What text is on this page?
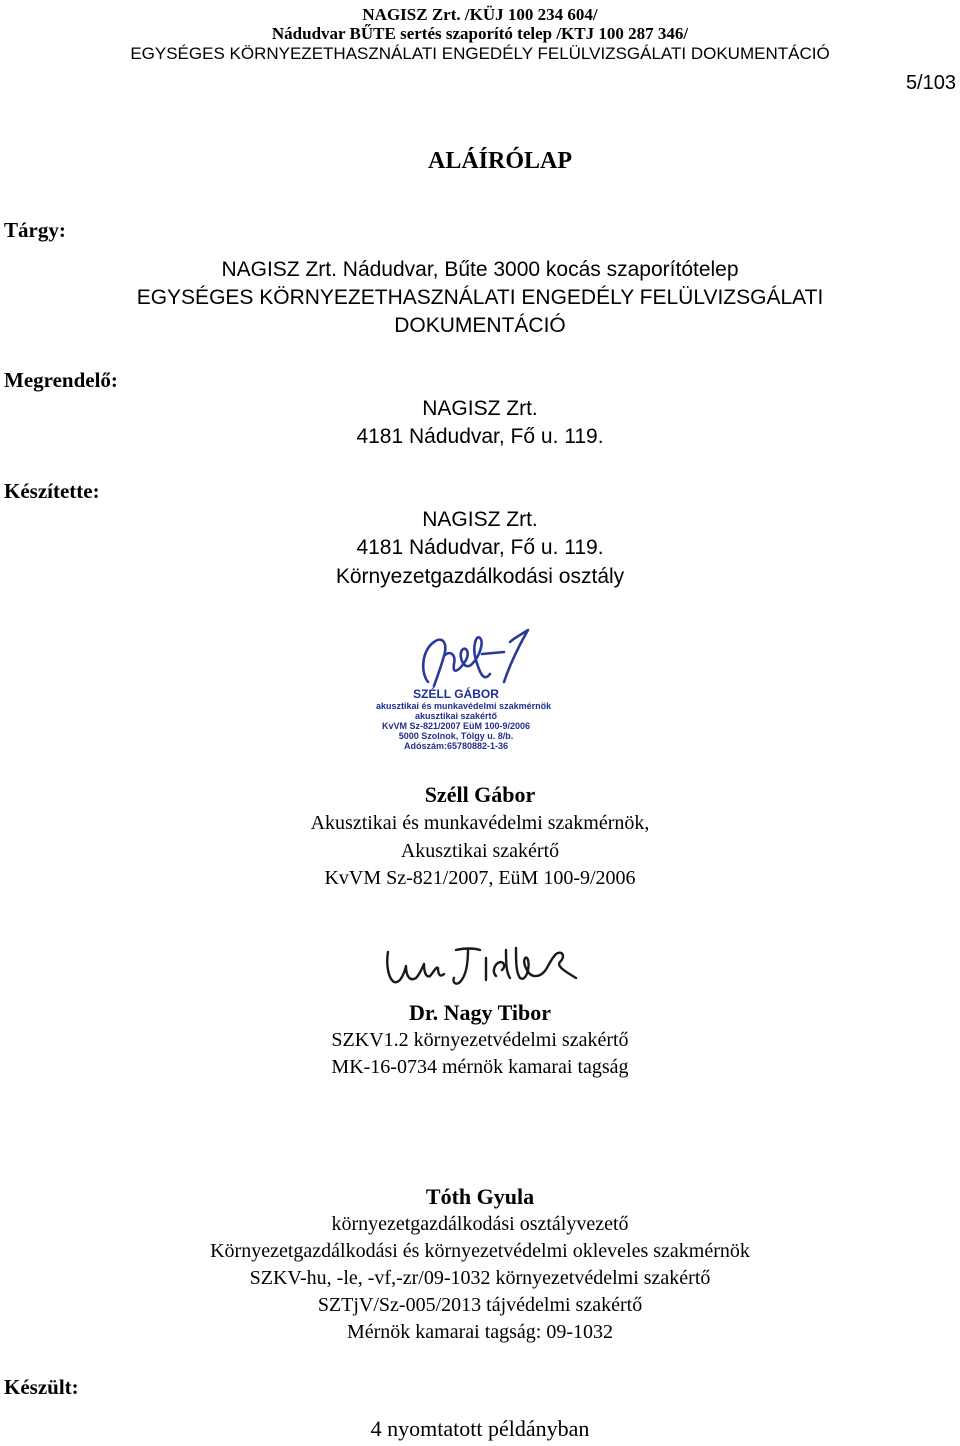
NAGISZ Zrt. /KÜJ 100 234 604/
Nádudvar BŰTE sertés szaporító telep /KTJ 100 287 346/
EGYSÉGES KÖRNYEZETHASZNÁLATI ENGEDÉLY FELÜLVIZSGÁLATI DOKUMENTÁCIÓ
5/103
ALÁÍRÓLAP
Tárgy:
NAGISZ Zrt. Nádudvar, Bűte 3000 kocás szaporítótelep
EGYSÉGES KÖRNYEZETHASZNÁLATI ENGEDÉLY FELÜLVIZSGÁLATI
DOKUMENTÁCIÓ
Megrendelő:
NAGISZ Zrt.
4181 Nádudvar, Fő u. 119.
Készítette:
NAGISZ Zrt.
4181 Nádudvar, Fő u. 119.
Környezetgazdálkodási osztály
SZÉLL GÁBOR
akusztikai és munkavédelmi szakmérnök
akusztikai szakértő
KvVM Sz-821/2007 EüM 100-9/2006
5000 Szolnok, Tölgy u. 8/b.
Adószám:65780882-1-36
Széll Gábor
Akusztikai és munkavédelmi szakmérnök,
Akusztikai szakértő
KvVM Sz-821/2007, EüM 100-9/2006
Dr. Nagy Tibor
SZKV1.2 környezetvédelmi szakértő
MK-16-0734 mérnök kamarai tagság
Tóth Gyula
környezetgazdálkodási osztályvezető
Környezetgazdálkodási és környezetvédelmi okleveles szakmérnök
SZKV-hu, -le, -vf,-zr/09-1032 környezetvédelmi szakértő
SZTjV/Sz-005/2013 tájvédelmi szakértő
Mérnök kamarai tagság: 09-1032
Készült:
4 nyomtatott példányban
